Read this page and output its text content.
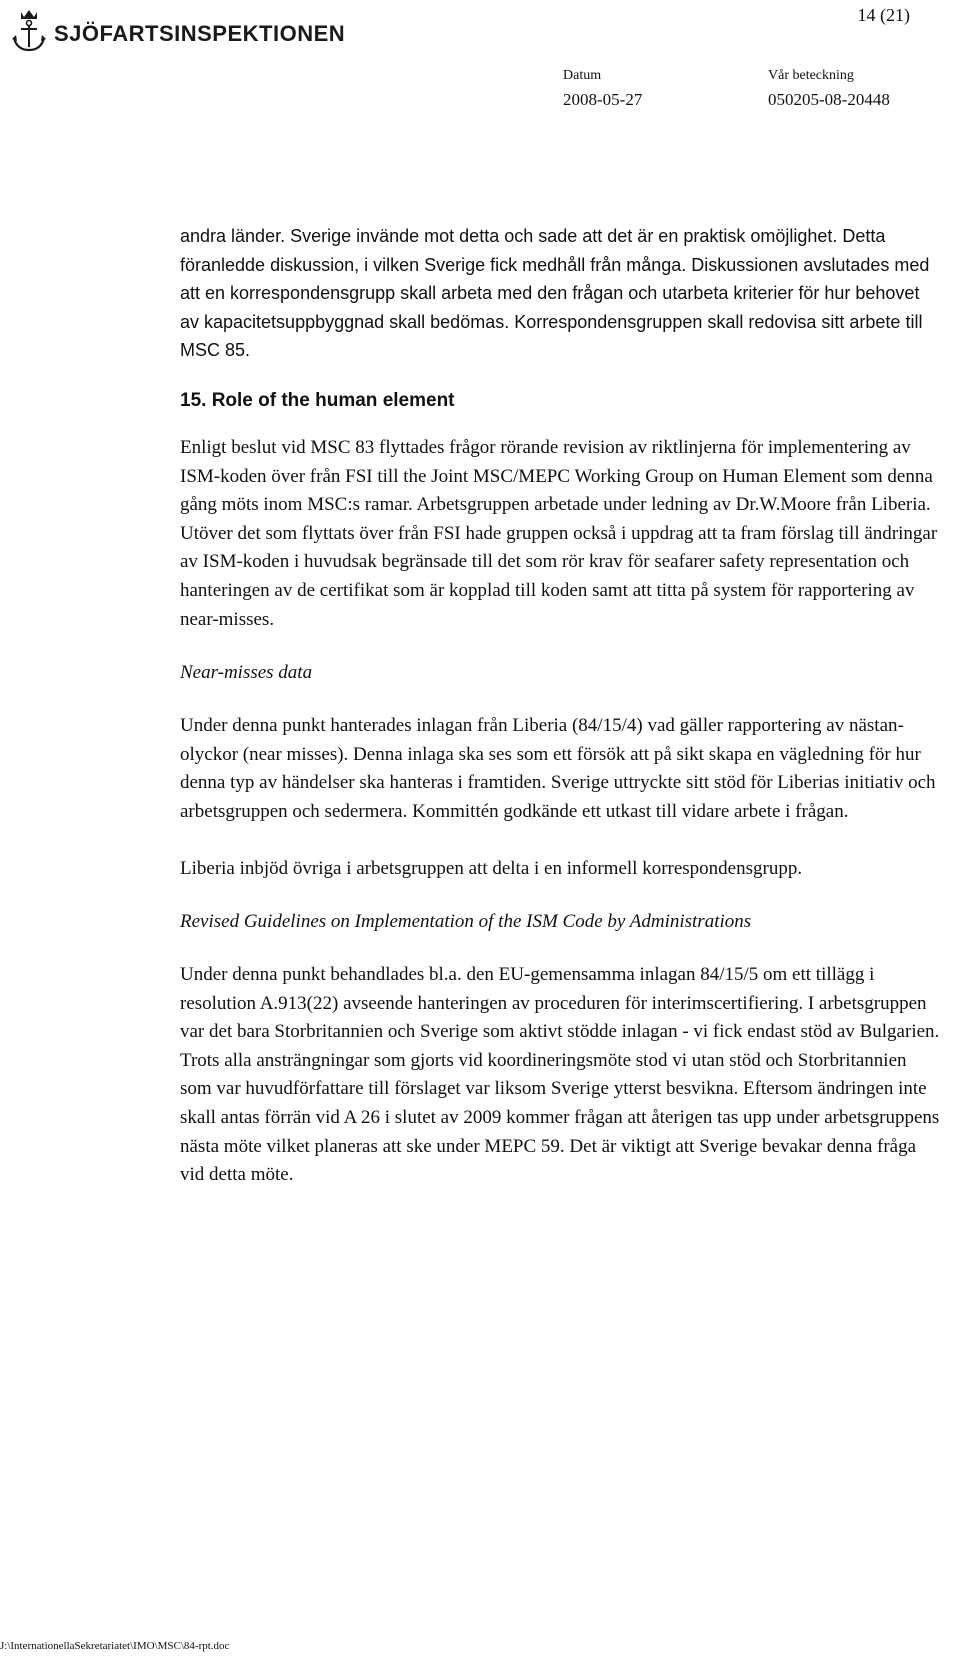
SJÖFARTSINSPEKTIONEN
14 (21)
Datum
2008-05-27
Vår beteckning
050205-08-20448

andra länder. Sverige invände mot detta och sade att det är en praktisk omöjlighet. Detta föranledde diskussion, i vilken Sverige fick medhåll från många. Diskussionen avslutades med att en korrespondensgrupp skall arbeta med den frågan och utarbeta kriterier för hur behovet av kapacitetsuppbyggnad skall bedömas. Korrespondensgruppen skall redovisa sitt arbete till MSC 85.

15. Role of the human element

Enligt beslut vid MSC 83 flyttades frågor rörande revision av riktlinjerna för implementering av ISM-koden över från FSI till the Joint MSC/MEPC Working Group on Human Element som denna gång möts inom MSC:s ramar. Arbetsgruppen arbetade under ledning av Dr.W.Moore från Liberia. Utöver det som flyttats över från FSI hade gruppen också i uppdrag att ta fram förslag till ändringar av ISM-koden i huvudsak begränsade till det som rör krav för seafarer safety representation och hanteringen av de certifikat som är kopplad till koden samt att titta på system för rapportering av near-misses.

Near-misses data

Under denna punkt hanterades inlagan från Liberia (84/15/4) vad gäller rapportering av nästan-olyckor (near misses). Denna inlaga ska ses som ett försök att på sikt skapa en vägledning för hur denna typ av händelser ska hanteras i framtiden. Sverige uttryckte sitt stöd för Liberias initiativ och arbetsgruppen och sedermera. Kommittén godkände ett utkast till vidare arbete i frågan.

Liberia inbjöd övriga i arbetsgruppen att delta i en informell korrespondensgrupp.

Revised Guidelines on Implementation of the ISM Code by Administrations

Under denna punkt behandlades bl.a. den EU-gemensamma inlagan 84/15/5 om ett tillägg i resolution A.913(22) avseende hanteringen av proceduren för interimscertifiering. I arbetsgruppen var det bara Storbritannien och Sverige som aktivt stödde inlagan - vi fick endast stöd av Bulgarien. Trots alla ansträngningar som gjorts vid koordineringsmöte stod vi utan stöd och Storbritannien som var huvudförfattare till förslaget var liksom Sverige ytterst besvikna. Eftersom ändringen inte skall antas förrän vid A 26 i slutet av 2009 kommer frågan att återigen tas upp under arbetsgruppens nästa möte vilket planeras att ske under MEPC 59. Det är viktigt att Sverige bevakar denna fråga vid detta möte.

J:\InternationellaSekretariatet\IMO\MSC\84-rpt.doc
